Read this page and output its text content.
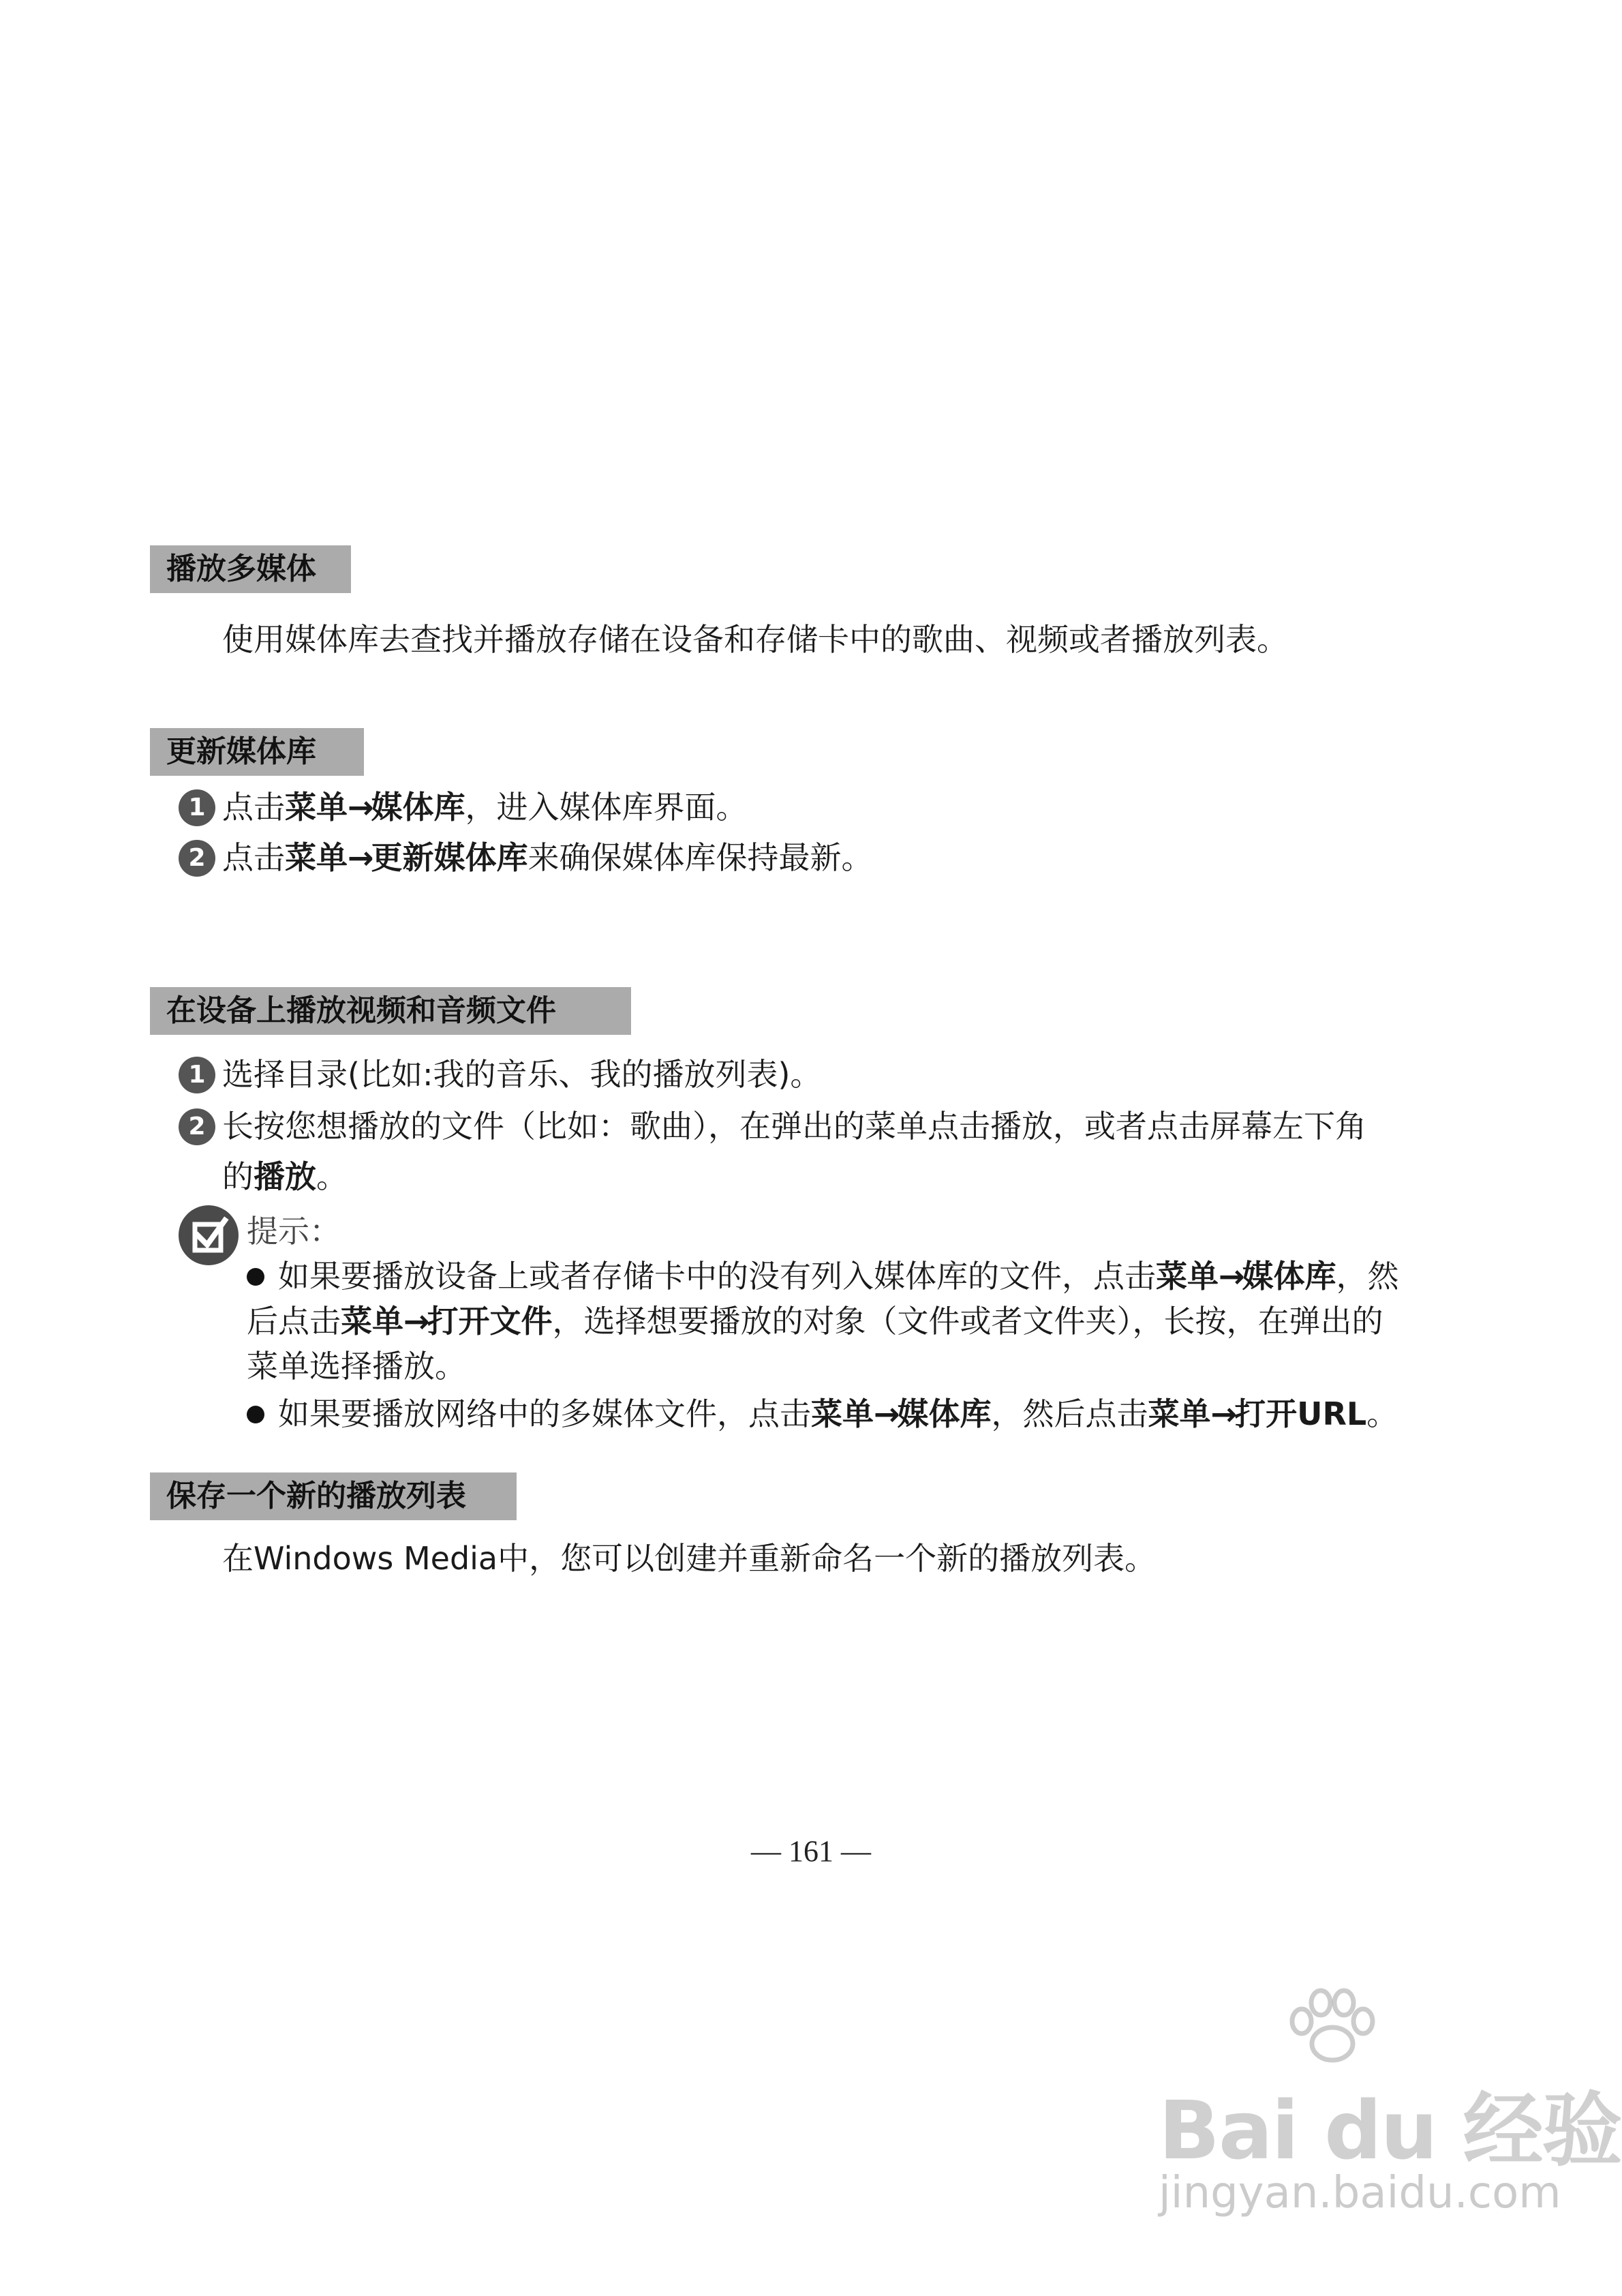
播放多媒体
使用媒体库去查找并播放存储在设备和存储卡中的歌曲、视频或者播放列表。
更新媒体库
1 点击菜单→媒体库，进入媒体库界面。
2 点击菜单→更新媒体库来确保媒体库保持最新。
在设备上播放视频和音频文件
1 选择目录(比如:我的音乐、我的播放列表)。
2 长按您想播放的文件（比如：歌曲），在弹出的菜单点击播放，或者点击屏幕左下角
的播放。
提示：
如果要播放设备上或者存储卡中的没有列入媒体库的文件，点击菜单→媒体库，然
后点击菜单→打开文件，选择想要播放的对象（文件或者文件夹），长按，在弹出的
菜单选择播放。
如果要播放网络中的多媒体文件，点击菜单→媒体库，然后点击菜单→打开URL。
保存一个新的播放列表
在Windows Media中，您可以创建并重新命名一个新的播放列表。
— 161 —
Bai du 经验
jingyan.baidu.com
